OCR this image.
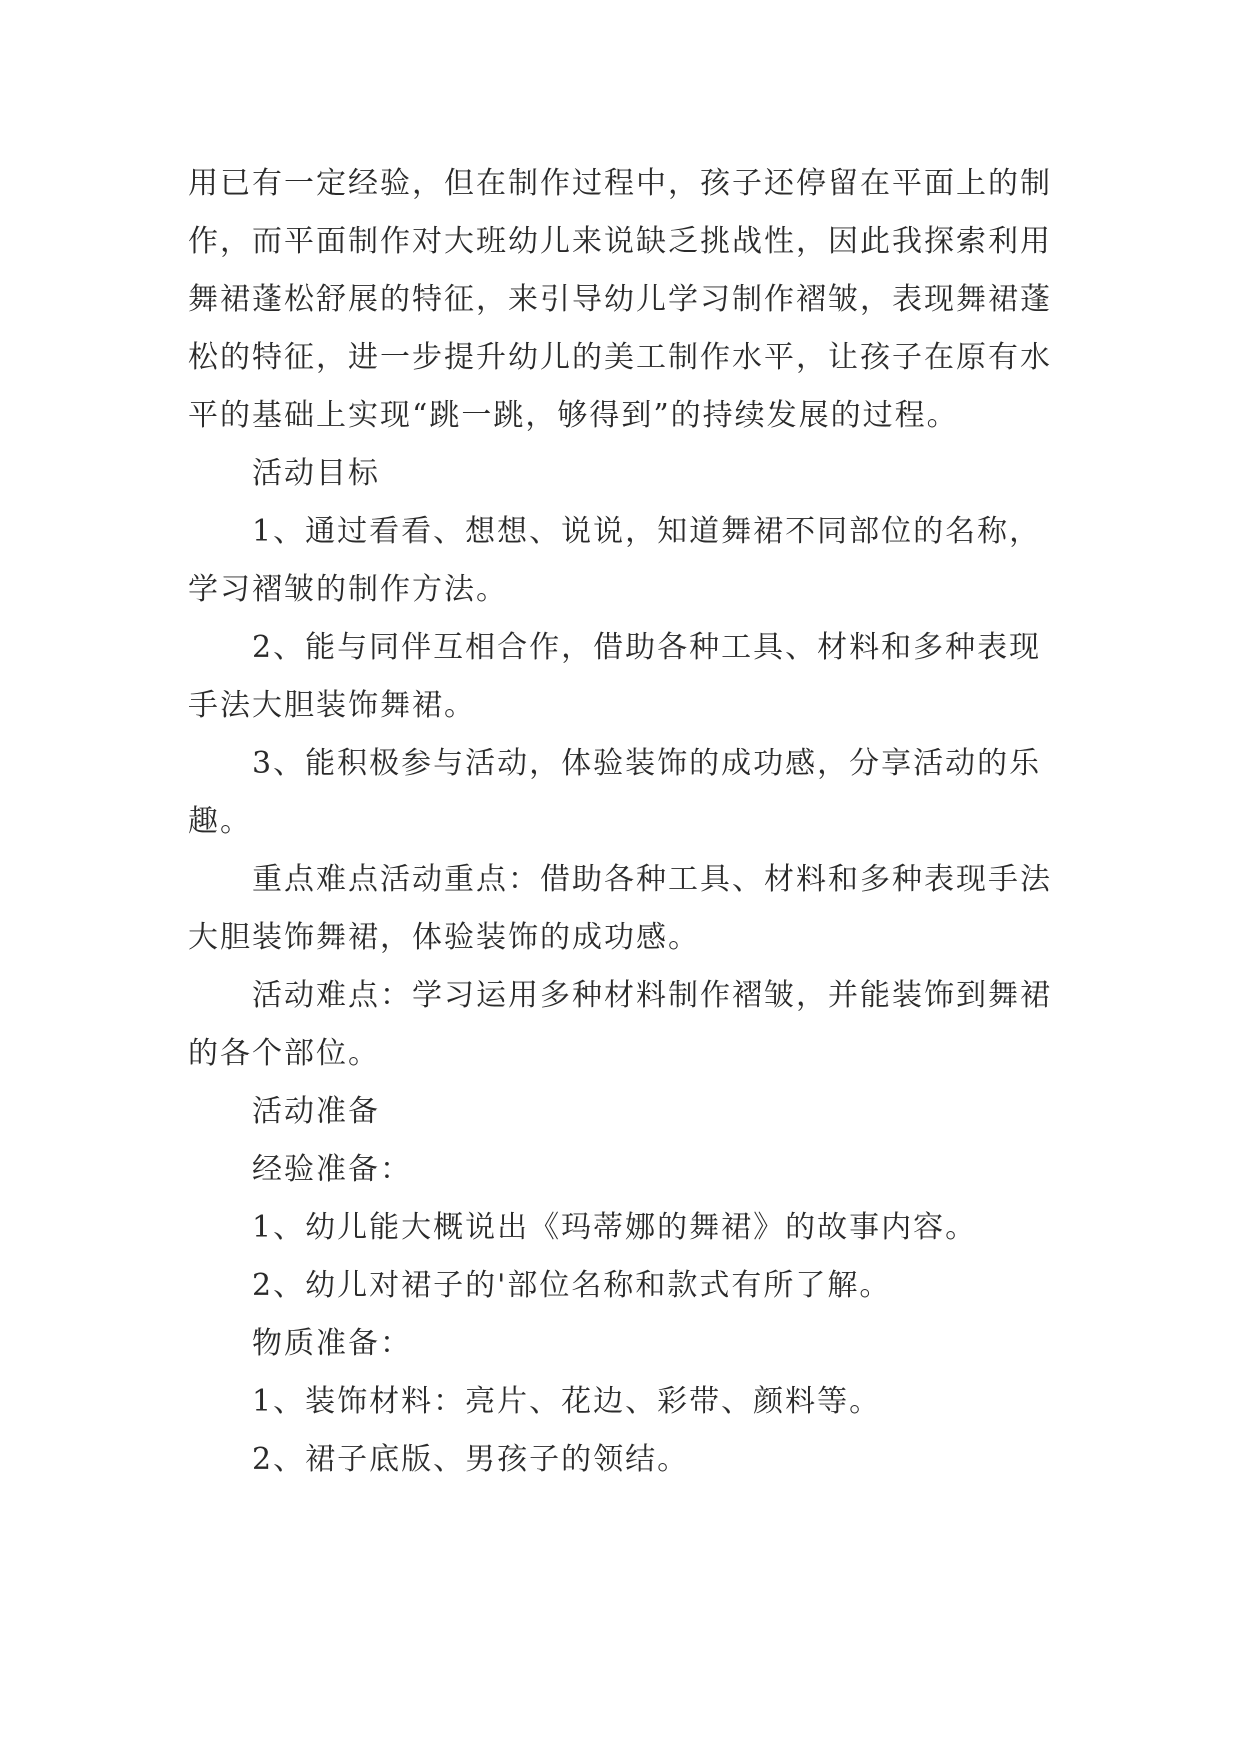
用已有一定经验，但在制作过程中，孩子还停留在平面上的制作，而平面制作对大班幼儿来说缺乏挑战性，因此我探索利用舞裙蓬松舒展的特征，来引导幼儿学习制作褶皱，表现舞裙蓬松的特征，进一步提升幼儿的美工制作水平，让孩子在原有水平的基础上实现“跳一跳，够得到”的持续发展的过程。

活动目标

1、通过看看、想想、说说，知道舞裙不同部位的名称，学习褶皱的制作方法。

2、能与同伴互相合作，借助各种工具、材料和多种表现手法大胆装饰舞裙。

3、能积极参与活动，体验装饰的成功感，分享活动的乐趣。

重点难点活动重点：借助各种工具、材料和多种表现手法大胆装饰舞裙，体验装饰的成功感。

活动难点：学习运用多种材料制作褶皱，并能装饰到舞裙的各个部位。

活动准备

经验准备：

1、幼儿能大概说出《玛蒂娜的舞裙》的故事内容。

2、幼儿对裙子的'部位名称和款式有所了解。

物质准备：

1、装饰材料：亮片、花边、彩带、颜料等。

2、裙子底版、男孩子的领结。
